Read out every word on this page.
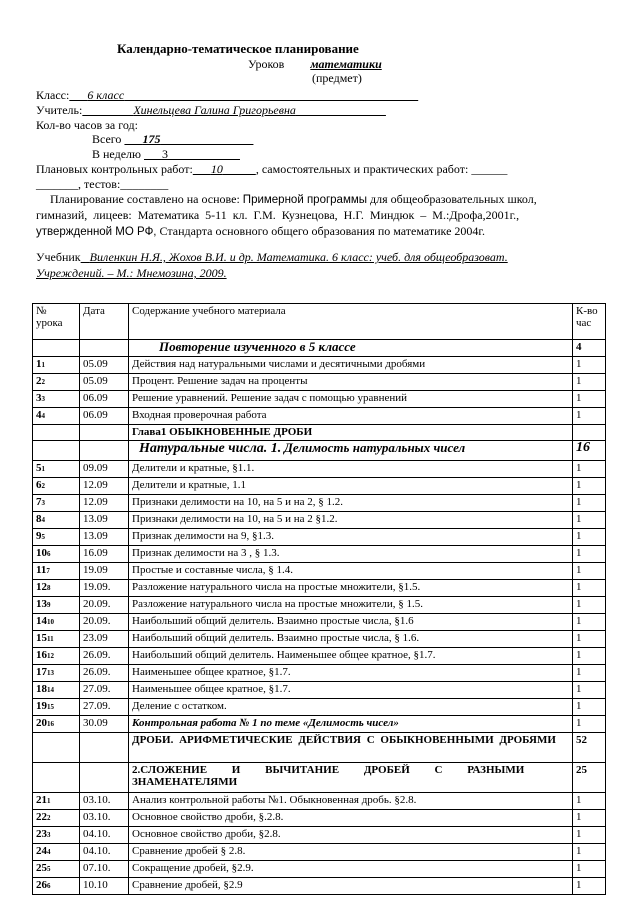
Календарно-тематическое планирование
Уроков математики
(предмет)
Класс: 6 класс
Учитель:	Хинельцева Галина Григорьевна
Кол-во часов за год:
Всего 175
В неделю 3
Плановых контрольных работ: 10	, самостоятельных и практических работ: ______
_______, тестов:________
Планирование составлено на основе: Примерной программы для общеобразовательных школ,
гимназий, лицеев: Математика 5-11 кл. Г.М. Кузнецова, Н.Г. Миндюк – М.:Дрофа,2001г.,
утвержденной МО РФ, Стандарта основного общего образования по математике 2004г.
Учебник Виленкин Н.Я., Жохов В.И. и др. Математика. 6 класс: учеб. для общеобразоват.
Учреждений. – М.: Мнемозина, 2009.
№
урока	Дата	Содержание учебного материала	К-во
час
		Повторение изученного в 5 классе	4
11	05.09	Действия над натуральными числами и десятичными дробями	1
22	05.09	Процент. Решение задач на проценты	1
33	06.09	Решение уравнений. Решение задач с помощью уравнений	1
44	06.09	Входная проверочная работа	1
		Глава1 ОБЫКНОВЕННЫЕ ДРОБИ	
		Натуральные числа. 1. Делимость натуральных чисел	16
51	09.09	Делители и кратные, §1.1.	1
62	12.09	Делители и кратные, 1.1	1
73	12.09	Признаки делимости на 10, на 5 и на 2, § 1.2.	1
84	13.09	Признаки делимости на 10, на 5 и на 2 §1.2.	1
95	13.09	Признак делимости на 9, §1.3.	1
106	16.09	Признак делимости на 3 , § 1.3.	1
117	19.09	Простые и составные числа, § 1.4.	1
128	19.09.	Разложение натурального числа на простые множители, §1.5.	1
139	20.09.	Разложение натурального числа на простые множители, § 1.5.	1
1410	20.09.	Наибольший общий делитель. Взаимно простые числа, §1.6	1
1511	23.09	Наибольший общий делитель. Взаимно простые числа, § 1.6.	1
1612	26.09.	Наибольший общий делитель. Наименьшее общее кратное, §1.7.	1
1713	26.09.	Наименьшее общее кратное, §1.7.	1
1814	27.09.	Наименьшее общее кратное, §1.7.	1
1915	27.09.	Деление с остатком.	1
2016	30.09	Контрольная работа № 1 по теме «Делимость чисел»	1
		ДРОБИ. АРИФМЕТИЧЕСКИЕ ДЕЙСТВИЯ С ОБЫКНОВЕННЫМИ ДРОБЯМИ	52
		2.СЛОЖЕНИЕ И ВЫЧИТАНИЕ ДРОБЕЙ С РАЗНЫМИ ЗНАМЕНАТЕЛЯМИ	25
211	03.10.	Анализ контрольной работы №1. Обыкновенная дробь. §2.8.	1
222	03.10.	Основное свойство дроби, §.2.8.	1
233	04.10.	Основное свойство дроби, §2.8.	1
244	04.10.	Сравнение дробей § 2.8.	1
255	07.10.	Сокращение дробей, §2.9.	1
266	10.10	Сравнение дробей, §2.9	1
